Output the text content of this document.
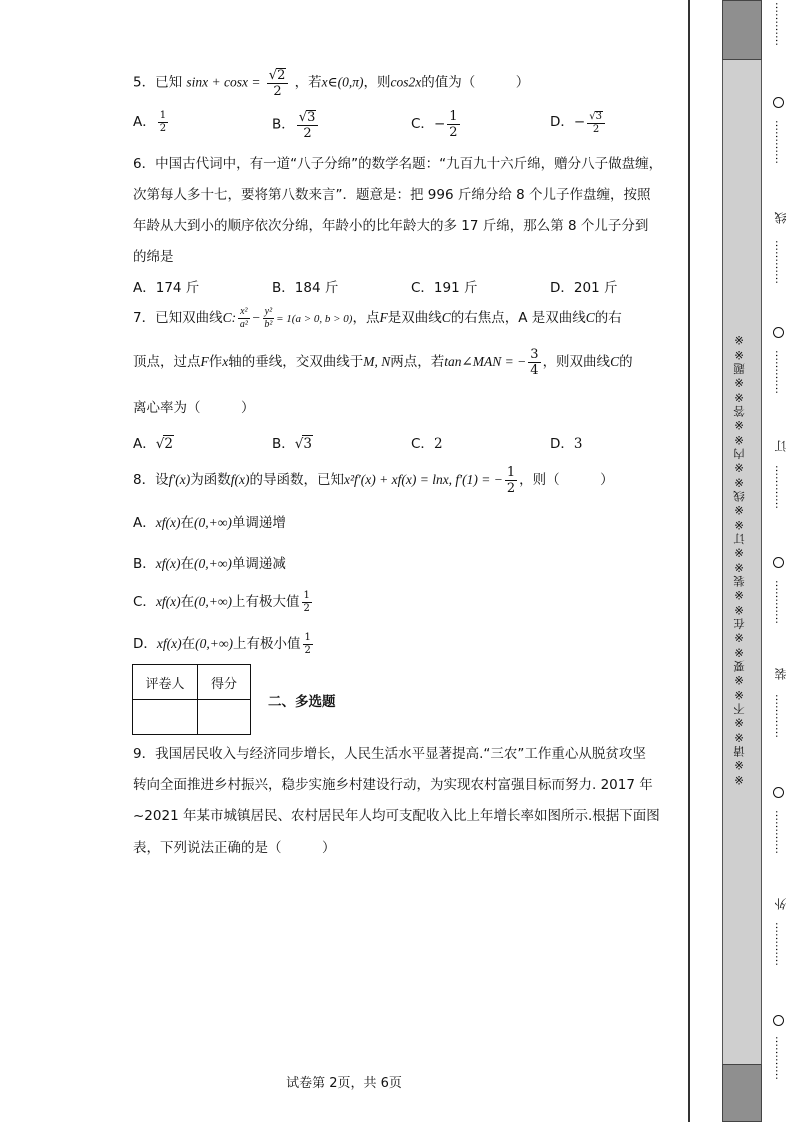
5．已知 $\sin x + \cos x = \frac{√2}{2}$ ，若x∈(0,π)，则cos2x的值为（　　　）
A． $\frac{1}{2}$	B． $\frac{√3}{2}$	C．− $\frac{1}{2}$	D．− $\frac{√3}{2}$
6．中国古代词中，有一道“八子分绵”的数学名题：“九百九十六斤绵，赠分八子做盘缠，
次第每人多十七，要将第八数来言”．题意是：把 996 斤绵分给 8 个儿子作盘缠，按照
年龄从大到小的顺序依次分绵，年龄小的比年龄大的多 17 斤绵，那么第 8 个儿子分到
的绵是
A．174 斤	B．184 斤	C．191 斤	D．201 斤
7．已知双曲线C: $\frac{\text{x²}}{\text{a²}} - \frac{\text{y²}}{\text{b²}} = 1(a > 0$, b > 0)，点F是双曲线C的右焦点，A 是双曲线C的右
顶点，过点F作x轴的垂线，交双曲线于M, N两点，若tan∠MAN = − $\frac{3}{4}$ ，则双曲线C的
离心率为（　　　）
A．√2	B．√3	C．2	D．3
8．设f′(x)为函数f(x)的导函数，已知x²f′(x) + xf(x) = lnx, f′(1) = − $\frac{1}{2}$ ，则（　　　）
A．xf(x)在(0,+∞)单调递增
B．xf(x)在(0,+∞)单调递减
C．xf(x)在(0,+∞)上有极大值 $\frac{1}{2}$
D．xf(x)在(0,+∞)上有极小值 $\frac{1}{2}$
评卷人	得分

二、多选题
9．我国居民收入与经济同步增长，人民生活水平显著提高.“三农”工作重心从脱贫攻坚
转向全面推进乡村振兴，稳步实施乡村建设行动，为实现农村富强目标而努力. 2017 年
~2021 年某市城镇居民、农村居民年人均可支配收入比上年增长率如图所示.根据下面图
表，下列说法正确的是（　　　）
试卷第 2页，共 6页
※※请※※不※※要※※在※※装※※订※※线※※内※※答※※题※※
…………
…………
线
…………
…………
订
…………
…………
装
…………
…………
外
…………
…………
